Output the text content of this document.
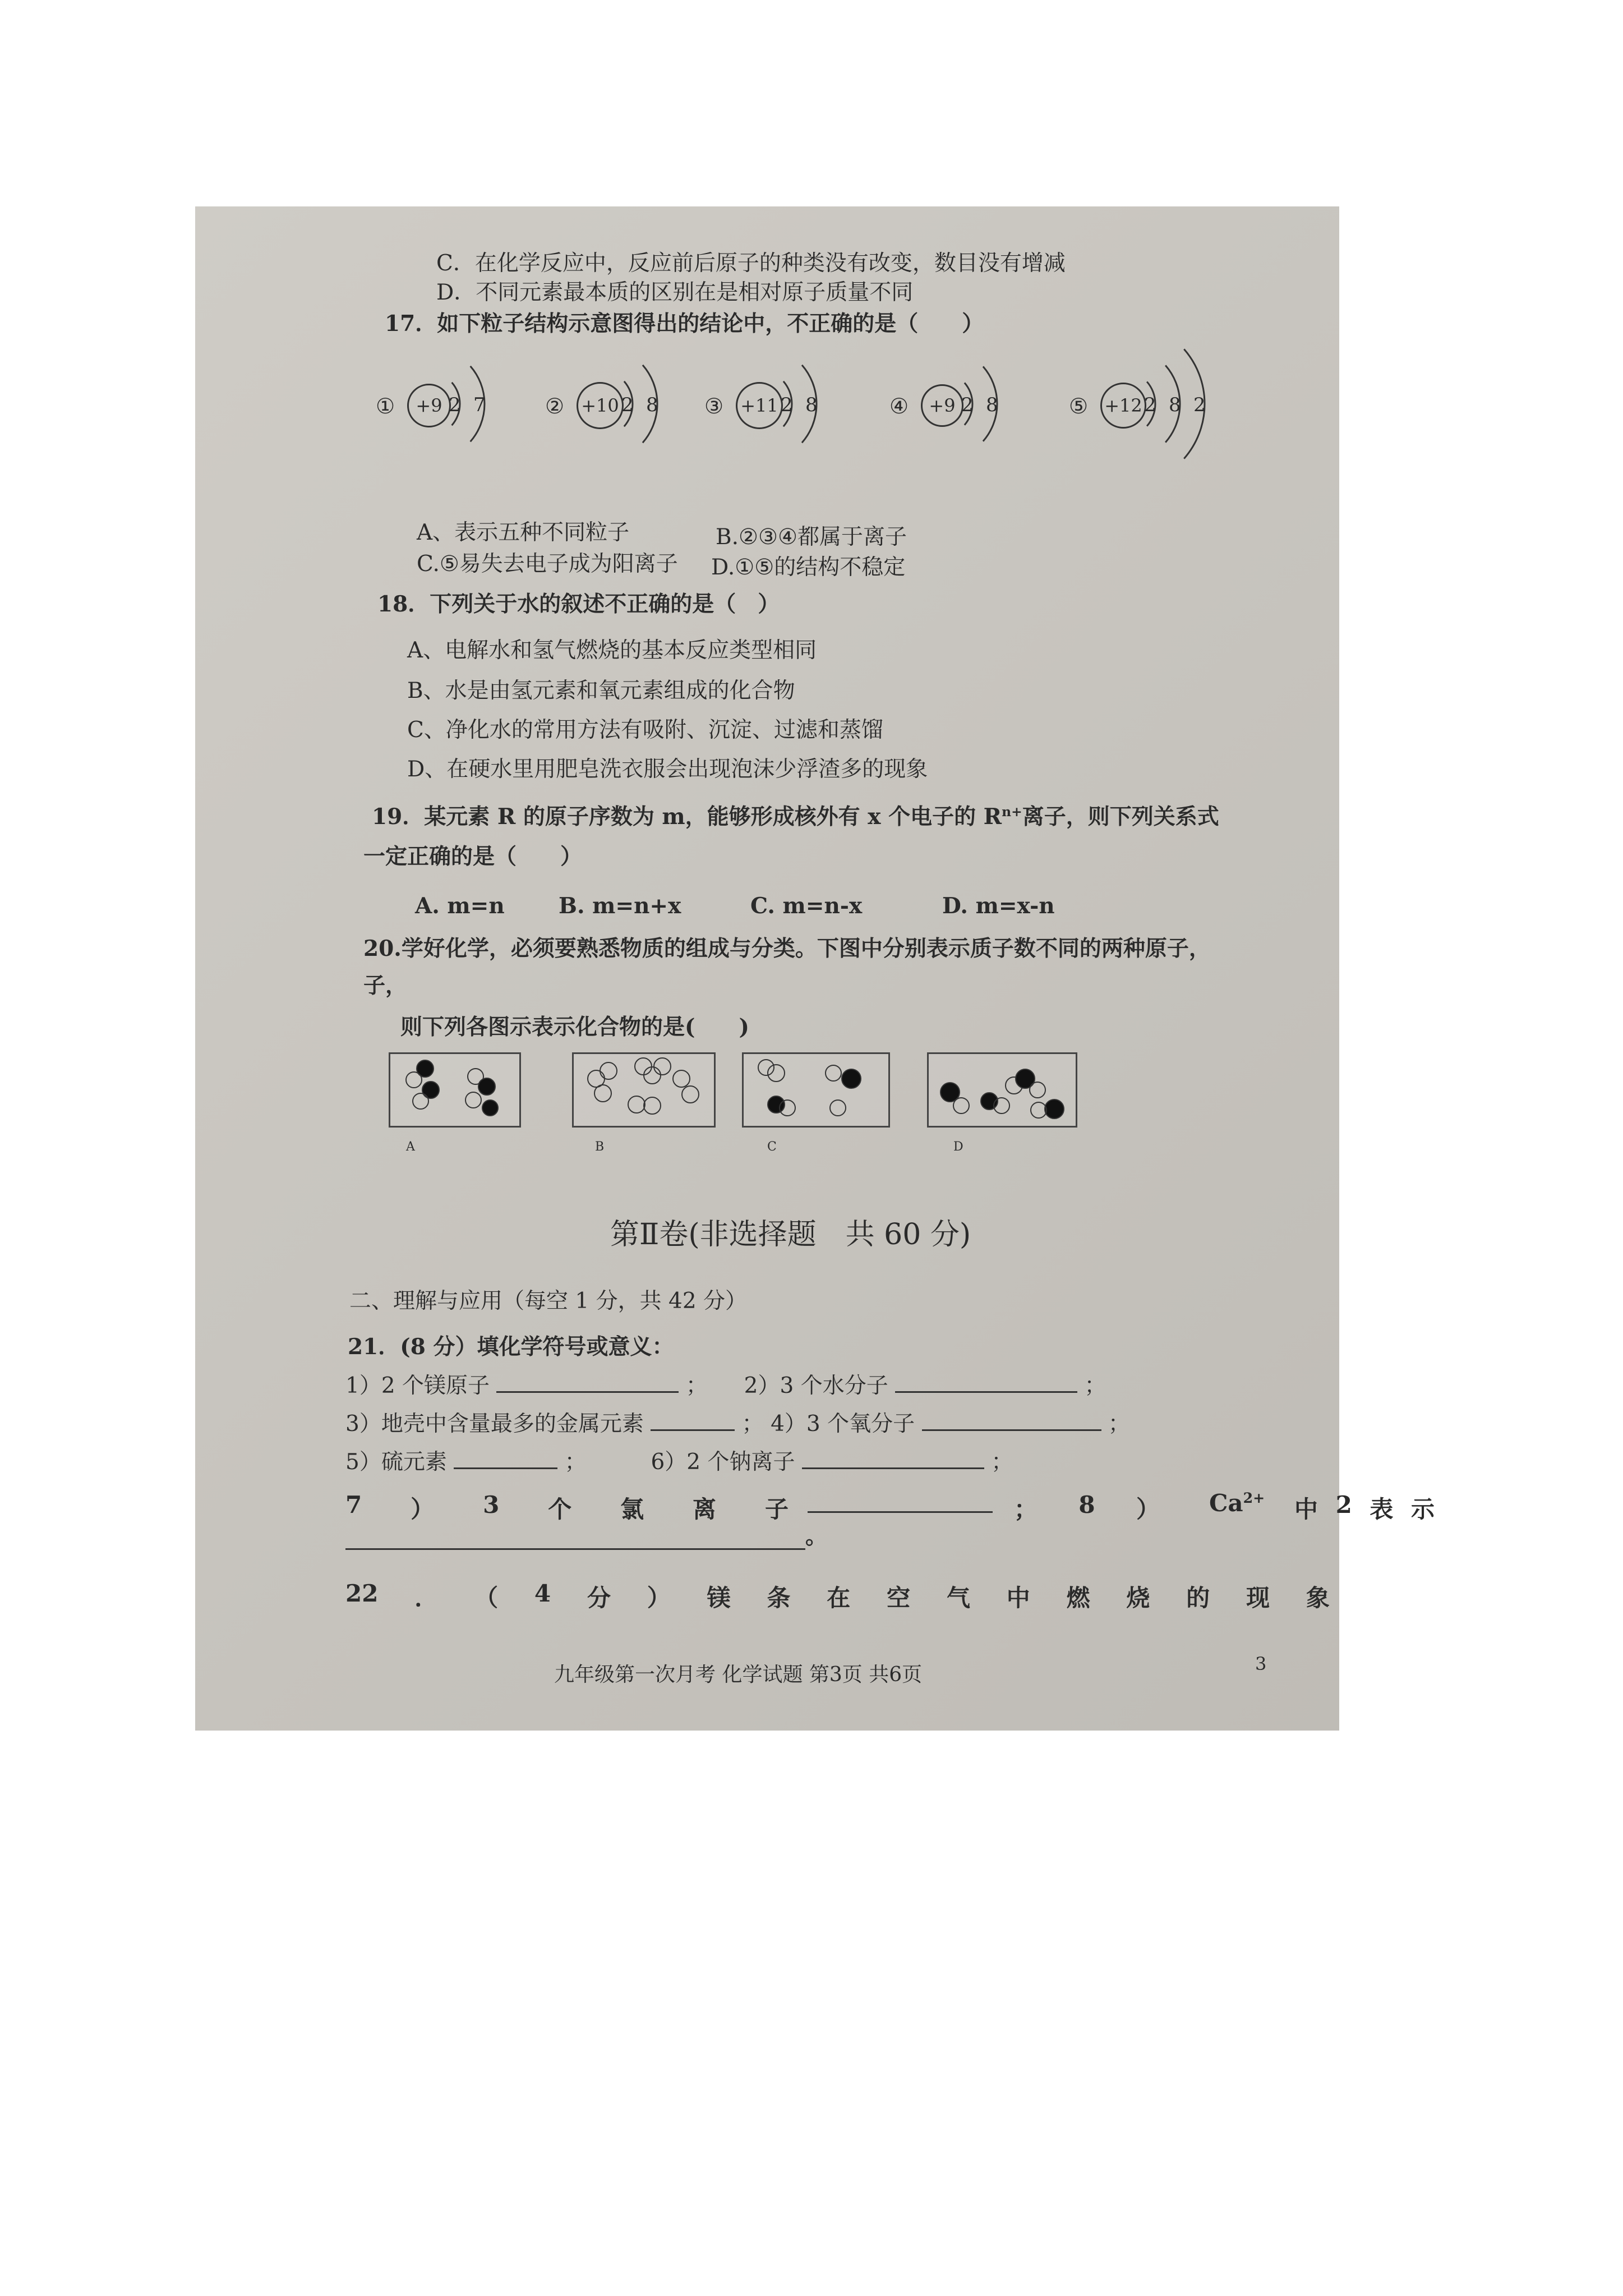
C．在化学反应中，反应前后原子的种类没有改变，数目没有增减
D．不同元素最本质的区别在是相对原子质量不同
17．如下粒子结构示意图得出的结论中，不正确的是（　　）
①	+9 2 7	② +10 2 8 ③ +11 2 8	④	+9 2 8	⑤ +12 2 8 2
A、表示五种不同粒子	B.②③④都属于离子
C.⑤易失去电子成为阳离子 D.①⑤的结构不稳定
18．下列关于水的叙述不正确的是（　）
A、电解水和氢气燃烧的基本反应类型相同
B、水是由氢元素和氧元素组成的化合物
C、净化水的常用方法有吸附、沉淀、过滤和蒸馏
D、在硬水里用肥皂洗衣服会出现泡沫少浮渣多的现象
19．某元素 R 的原子序数为 m，能够形成核外有 x 个电子的 $R^{n+}$离子，则下列关系式
一定正确的是（　　）
A. m=n B. m=n+x	C. m=n-x	D. m=x-n
20.学好化学，必须要熟悉物质的组成与分类。下图中分别表示质子数不同的两种原子，
子，
则下列各图示表示化合物的是(　　)
A	B	C	D
第Ⅱ卷(非选择题　共 60 分)
二、理解与应用（每空 1 分，共 42 分）
21．(8 分）填化学符号或意义：
1）2 个镁原子	； 2）3 个水分子	；
3）地壳中含量最多的金属元素	； 4）3 个氧分子	；
5）硫元素	；	6）2 个钠离子	；
7 ） 3 个 氯 离 子	； 8 ） $Ca^{2+}$ 中 2 表 示
。
22 ． （ 4 分 ） 镁 条 在 空 气 中 燃 烧 的 现 象
九年级第一次月考 化学试题 第3页 共6页	3
